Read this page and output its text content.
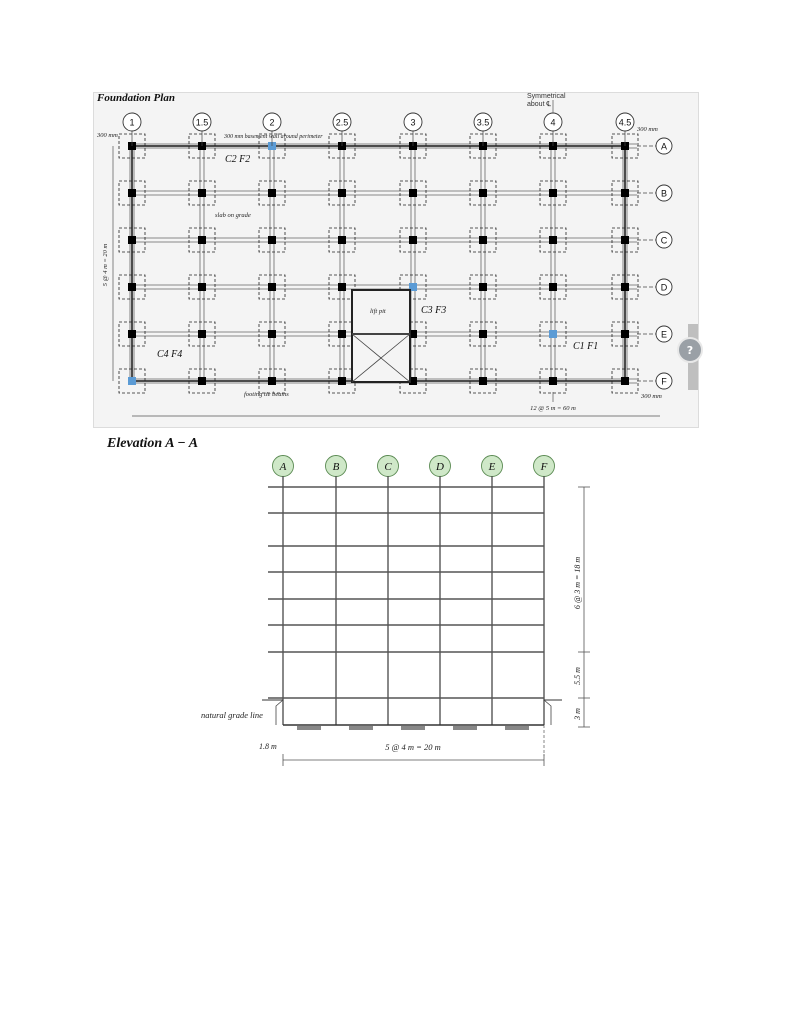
Foundation Plan	Symmetrical
about ℄
1	1.5	2	2.5	3	3.5	4	4.5
A
B
C
D
E
F
A	B	C	D	E	F
300 mm	300 mm basement wall around perimeter
300 mm
300 mm
slab on grade
lift pit
footing tie beams
C2 F2
C3 F3
C1 F1
C4 F4
5 @ 4 m = 20 m
12 @ 5 m = 60 m
natural grade line
1.8 m	5 @ 4 m = 20 m
6 @ 3 m = 18 m
5.5 m
3 m
Elevation A − A
?
